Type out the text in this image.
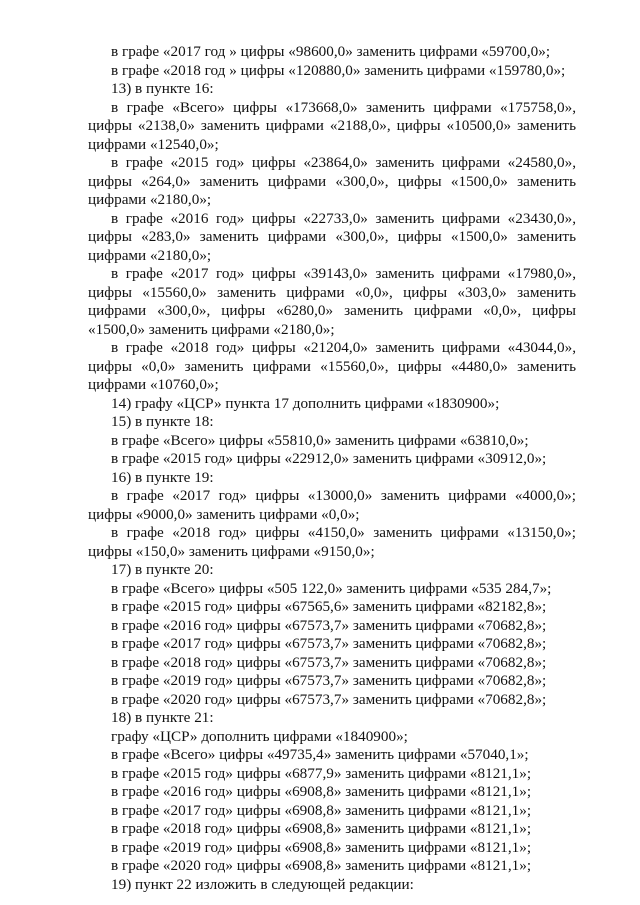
в графе «2017 год » цифры «98600,0» заменить цифрами «59700,0»;

в графе «2018 год » цифры «120880,0» заменить цифрами «159780,0»;

13) в пункте 16:

в графе «Всего» цифры «173668,0» заменить цифрами «175758,0», цифры «2138,0» заменить цифрами «2188,0», цифры «10500,0» заменить цифрами «12540,0»;

в графе «2015 год» цифры «23864,0» заменить цифрами «24580,0», цифры «264,0» заменить цифрами «300,0», цифры «1500,0» заменить цифрами «2180,0»;

в графе «2016 год» цифры «22733,0» заменить цифрами «23430,0», цифры «283,0» заменить цифрами «300,0», цифры «1500,0» заменить цифрами «2180,0»;

в графе «2017 год» цифры «39143,0» заменить цифрами «17980,0», цифры «15560,0» заменить цифрами «0,0», цифры «303,0» заменить цифрами «300,0», цифры «6280,0» заменить цифрами «0,0», цифры «1500,0» заменить цифрами «2180,0»;

в графе «2018 год» цифры «21204,0» заменить цифрами «43044,0», цифры «0,0» заменить цифрами «15560,0», цифры «4480,0» заменить цифрами «10760,0»;

14) графу «ЦСР» пункта 17 дополнить цифрами «1830900»;

15) в пункте 18:

в графе «Всего» цифры «55810,0» заменить цифрами «63810,0»;

в графе «2015 год» цифры «22912,0» заменить цифрами «30912,0»;

16) в пункте 19:

в графе «2017 год» цифры «13000,0» заменить цифрами «4000,0»; цифры «9000,0» заменить цифрами «0,0»;

в графе «2018 год» цифры «4150,0» заменить цифрами «13150,0»; цифры «150,0» заменить цифрами «9150,0»;

17) в пункте 20:

в графе «Всего» цифры «505 122,0» заменить цифрами «535 284,7»;

в графе «2015 год» цифры «67565,6» заменить цифрами «82182,8»;

в графе «2016 год» цифры «67573,7» заменить цифрами «70682,8»;

в графе «2017 год» цифры «67573,7» заменить цифрами «70682,8»;

в графе «2018 год» цифры «67573,7» заменить цифрами «70682,8»;

в графе «2019 год» цифры «67573,7» заменить цифрами «70682,8»;

в графе «2020 год» цифры «67573,7» заменить цифрами «70682,8»;

18) в пункте 21:

графу «ЦСР» дополнить цифрами «1840900»;

в графе «Всего» цифры «49735,4» заменить цифрами «57040,1»;

в графе «2015 год» цифры «6877,9» заменить цифрами «8121,1»;

в графе «2016 год» цифры «6908,8» заменить цифрами «8121,1»;

в графе «2017 год» цифры «6908,8» заменить цифрами «8121,1»;

в графе «2018 год» цифры «6908,8» заменить цифрами «8121,1»;

в графе «2019 год» цифры «6908,8» заменить цифрами «8121,1»;

в графе «2020 год» цифры «6908,8» заменить цифрами «8121,1»;

19) пункт 22 изложить в следующей редакции:
